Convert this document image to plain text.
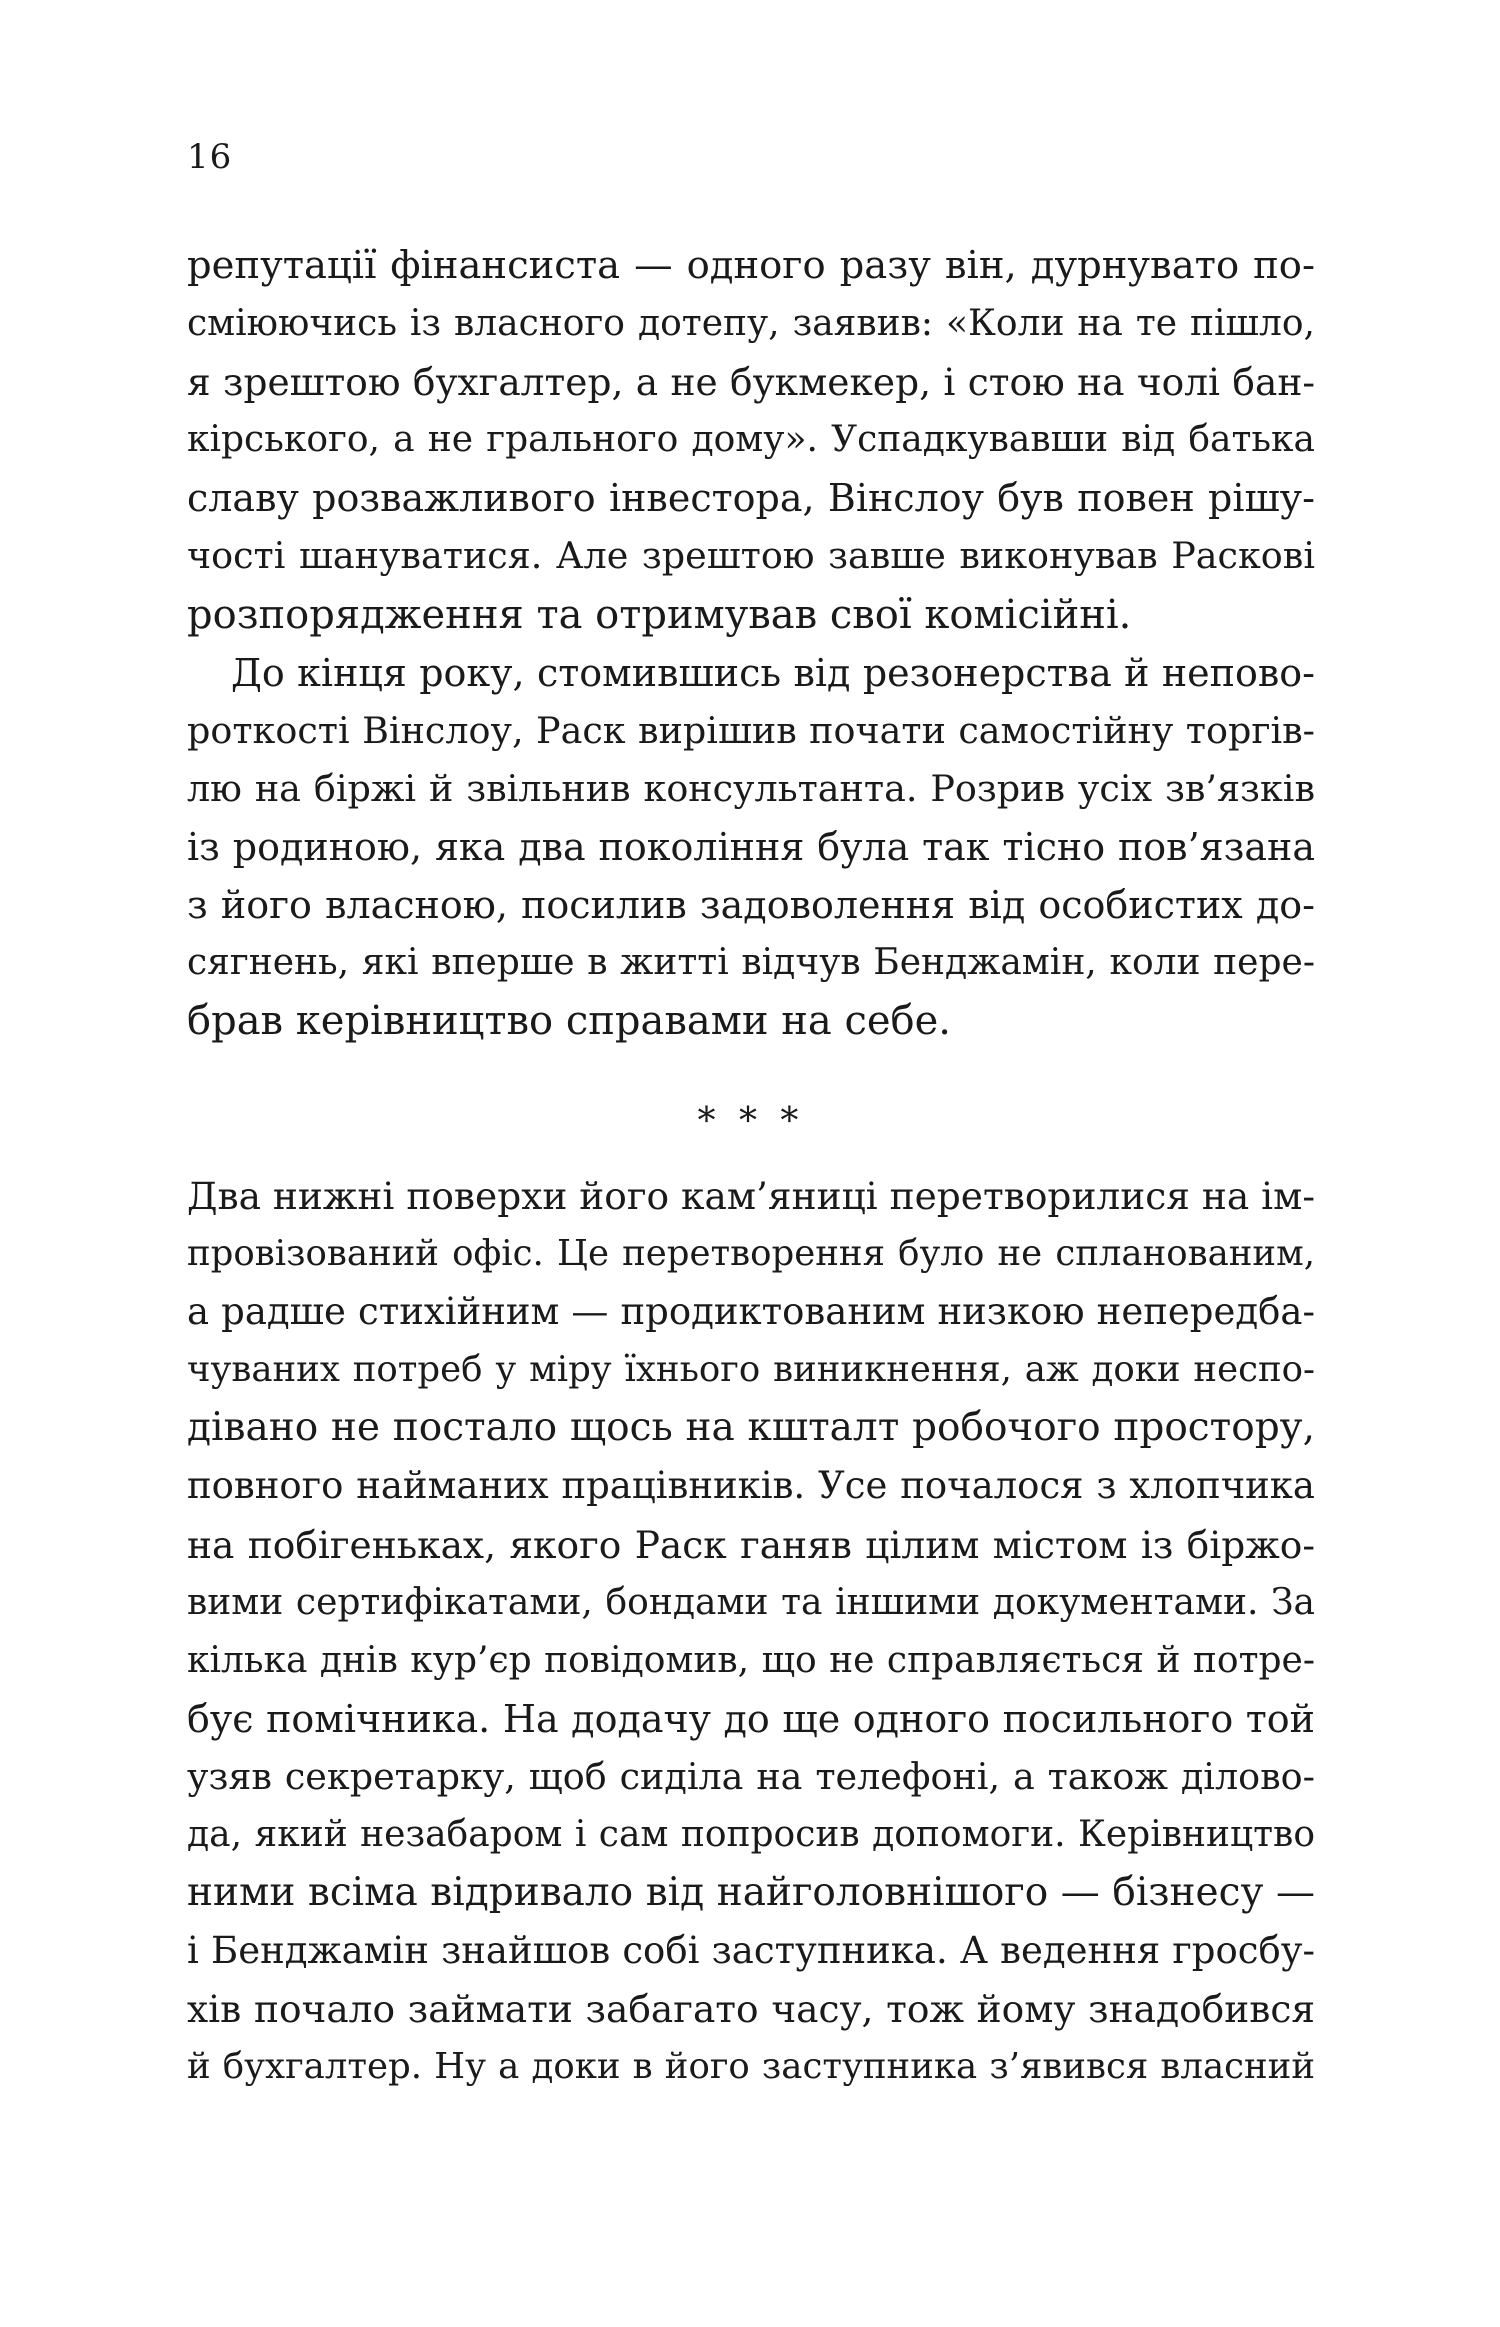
16
репутації фінансиста — одного разу він, дурнувато по-
сміюючись із власного дотепу, заявив: «Коли на те пішло,
я зрештою бухгалтер, а не букмекер, і стою на чолі бан-
кірського, а не грального дому». Успадкувавши від батька
славу розважливого інвестора, Вінслоу був повен рішу-
чості шануватися. Але зрештою завше виконував Раскові
розпорядження та отримував свої комісійні.
До кінця року, стомившись від резонерства й непово-
роткості Вінслоу, Раск вирішив почати самостійну торгів-
лю на біржі й звільнив консультанта. Розрив усіх зв’язків
із родиною, яка два покоління була так тісно пов’язана
з його власною, посилив задоволення від особистих до-
сягнень, які вперше в житті відчув Бенджамін, коли пере-
брав керівництво справами на себе.
* * *
Два нижні поверхи його кам’яниці перетворилися на ім-
провізований офіс. Це перетворення було не спланованим,
а радше стихійним — продиктованим низкою непередба-
чуваних потреб у міру їхнього виникнення, аж доки неспо-
дівано не постало щось на кшталт робочого простору,
повного найманих працівників. Усе почалося з хлопчика
на побігеньках, якого Раск ганяв цілим містом із біржо-
вими сертифікатами, бондами та іншими документами. За
кілька днів кур’єр повідомив, що не справляється й потре-
бує помічника. На додачу до ще одного посильного той
узяв секретарку, щоб сиділа на телефоні, а також ділово-
да, який незабаром і сам попросив допомоги. Керівництво
ними всіма відривало від найголовнішого — бізнесу —
і Бенджамін знайшов собі заступника. А ведення гросбу-
хів почало займати забагато часу, тож йому знадобився
й бухгалтер. Ну а доки в його заступника з’явився власний
